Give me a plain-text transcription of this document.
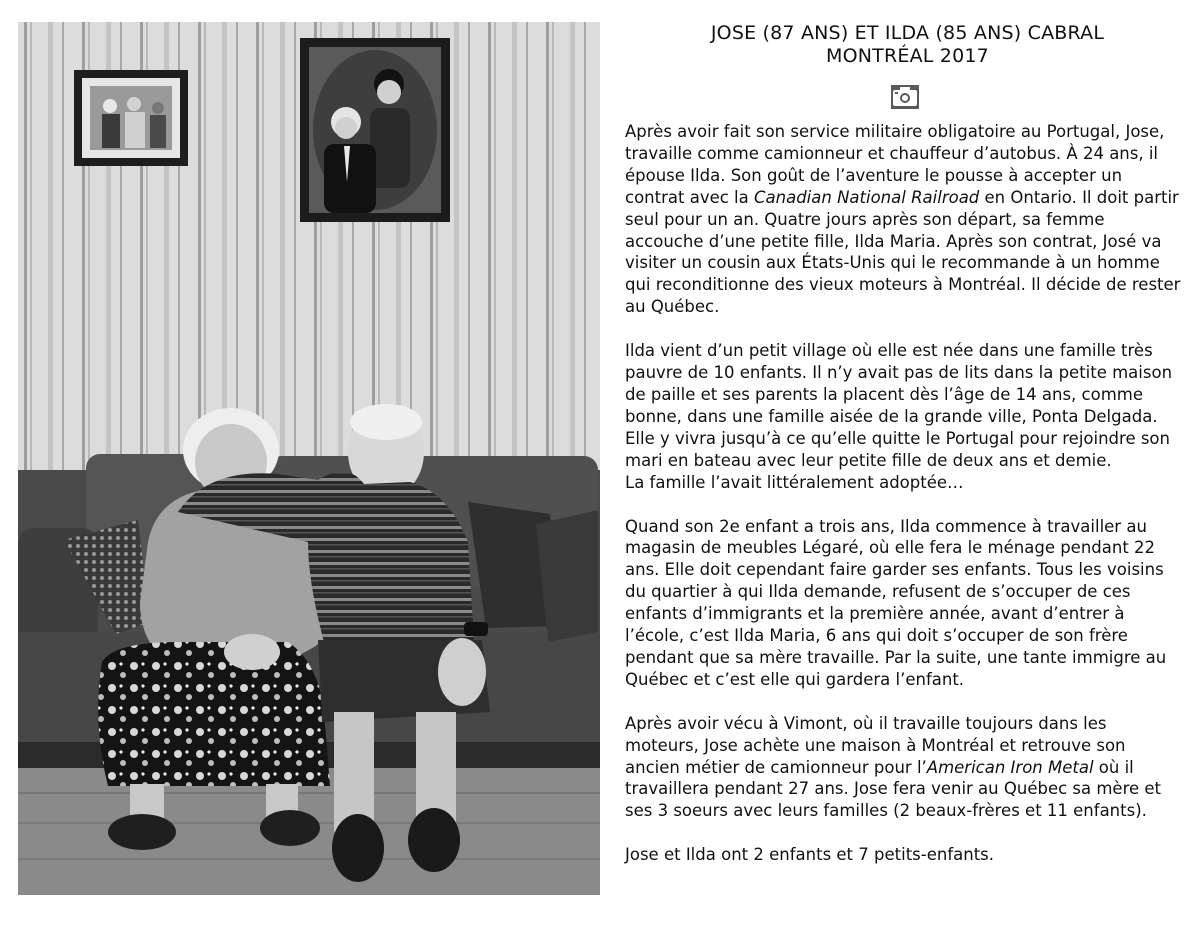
JOSE (87 ANS) ET ILDA (85 ANS) CABRAL
MONTRÉAL 2017

Après avoir fait son service militaire obligatoire au Portugal, Jose, travaille comme camionneur et chauffeur d’autobus. À 24 ans, il épouse Ilda. Son goût de l’aventure le pousse à accepter un contrat avec la Canadian National Railroad en Ontario. Il doit partir seul pour un an. Quatre jours après son départ, sa femme accouche d’une petite fille, Ilda Maria. Après son contrat, José va visiter un cousin aux États-Unis qui le recommande à un homme qui reconditionne des vieux moteurs à Montréal. Il décide de rester au Québec.

Ilda vient d’un petit village où elle est née dans une famille très pauvre de 10 enfants. Il n’y avait pas de lits dans la petite maison de paille et ses parents la placent dès l’âge de 14 ans, comme bonne, dans une famille aisée de la grande ville, Ponta Delgada. Elle y vivra jusqu’à ce qu’elle quitte le Portugal pour rejoindre son mari en bateau avec leur petite fille de deux ans et demie.
La famille l’avait littéralement adoptée…

Quand son 2e enfant a trois ans, Ilda commence à travailler au magasin de meubles Légaré, où elle fera le ménage pendant 22 ans. Elle doit cependant faire garder ses enfants. Tous les voisins du quartier à qui Ilda demande, refusent de s’occuper de ces enfants d’immigrants et la première année, avant d’entrer à l’école, c’est Ilda Maria, 6 ans qui doit s’occuper de son frère pendant que sa mère travaille. Par la suite, une tante immigre au Québec et c’est elle qui gardera l’enfant.

Après avoir vécu à Vimont, où il travaille toujours dans les moteurs, Jose achète une maison à Montréal et retrouve son ancien métier de camionneur pour l’American Iron Metal où il travaillera pendant 27 ans. Jose fera venir au Québec sa mère et ses 3 soeurs avec leurs familles (2 beaux-frères et 11 enfants).

Jose et Ilda ont 2 enfants et 7 petits-enfants.
